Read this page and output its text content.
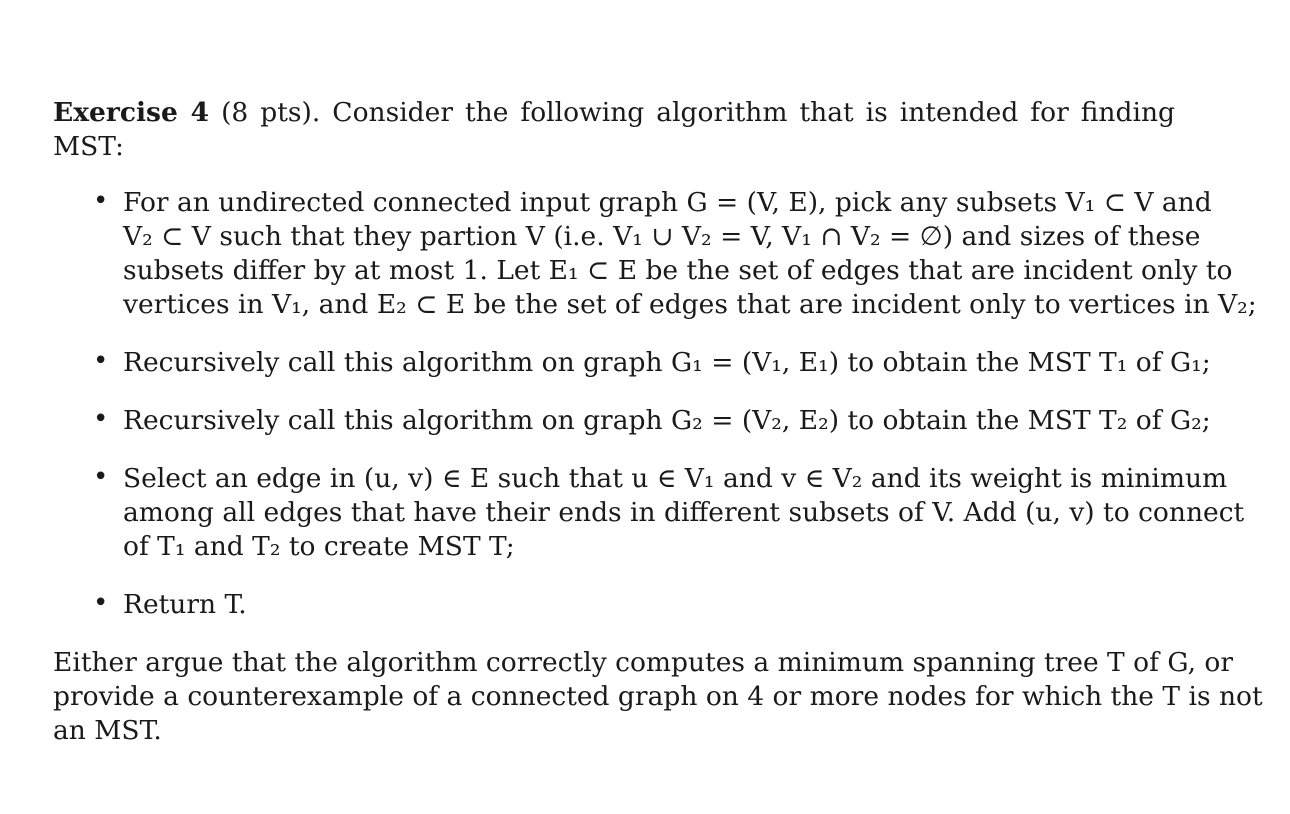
Exercise 4 (8 pts). Consider the following algorithm that is intended for finding MST:

• For an undirected connected input graph G = (V, E), pick any subsets V₁ ⊂ V and
V₂ ⊂ V such that they partion V (i.e. V₁ ∪ V₂ = V, V₁ ∩ V₂ = ∅) and sizes of these
subsets differ by at most 1. Let E₁ ⊂ E be the set of edges that are incident only to
vertices in V₁, and E₂ ⊂ E be the set of edges that are incident only to vertices in V₂;

• Recursively call this algorithm on graph G₁ = (V₁, E₁) to obtain the MST T₁ of G₁;

• Recursively call this algorithm on graph G₂ = (V₂, E₂) to obtain the MST T₂ of G₂;

• Select an edge in (u, v) ∈ E such that u ∈ V₁ and v ∈ V₂ and its weight is minimum
among all edges that have their ends in different subsets of V. Add (u, v) to connect
of T₁ and T₂ to create MST T;

• Return T.

Either argue that the algorithm correctly computes a minimum spanning tree T of G, or
provide a counterexample of a connected graph on 4 or more nodes for which the T is not
an MST.
